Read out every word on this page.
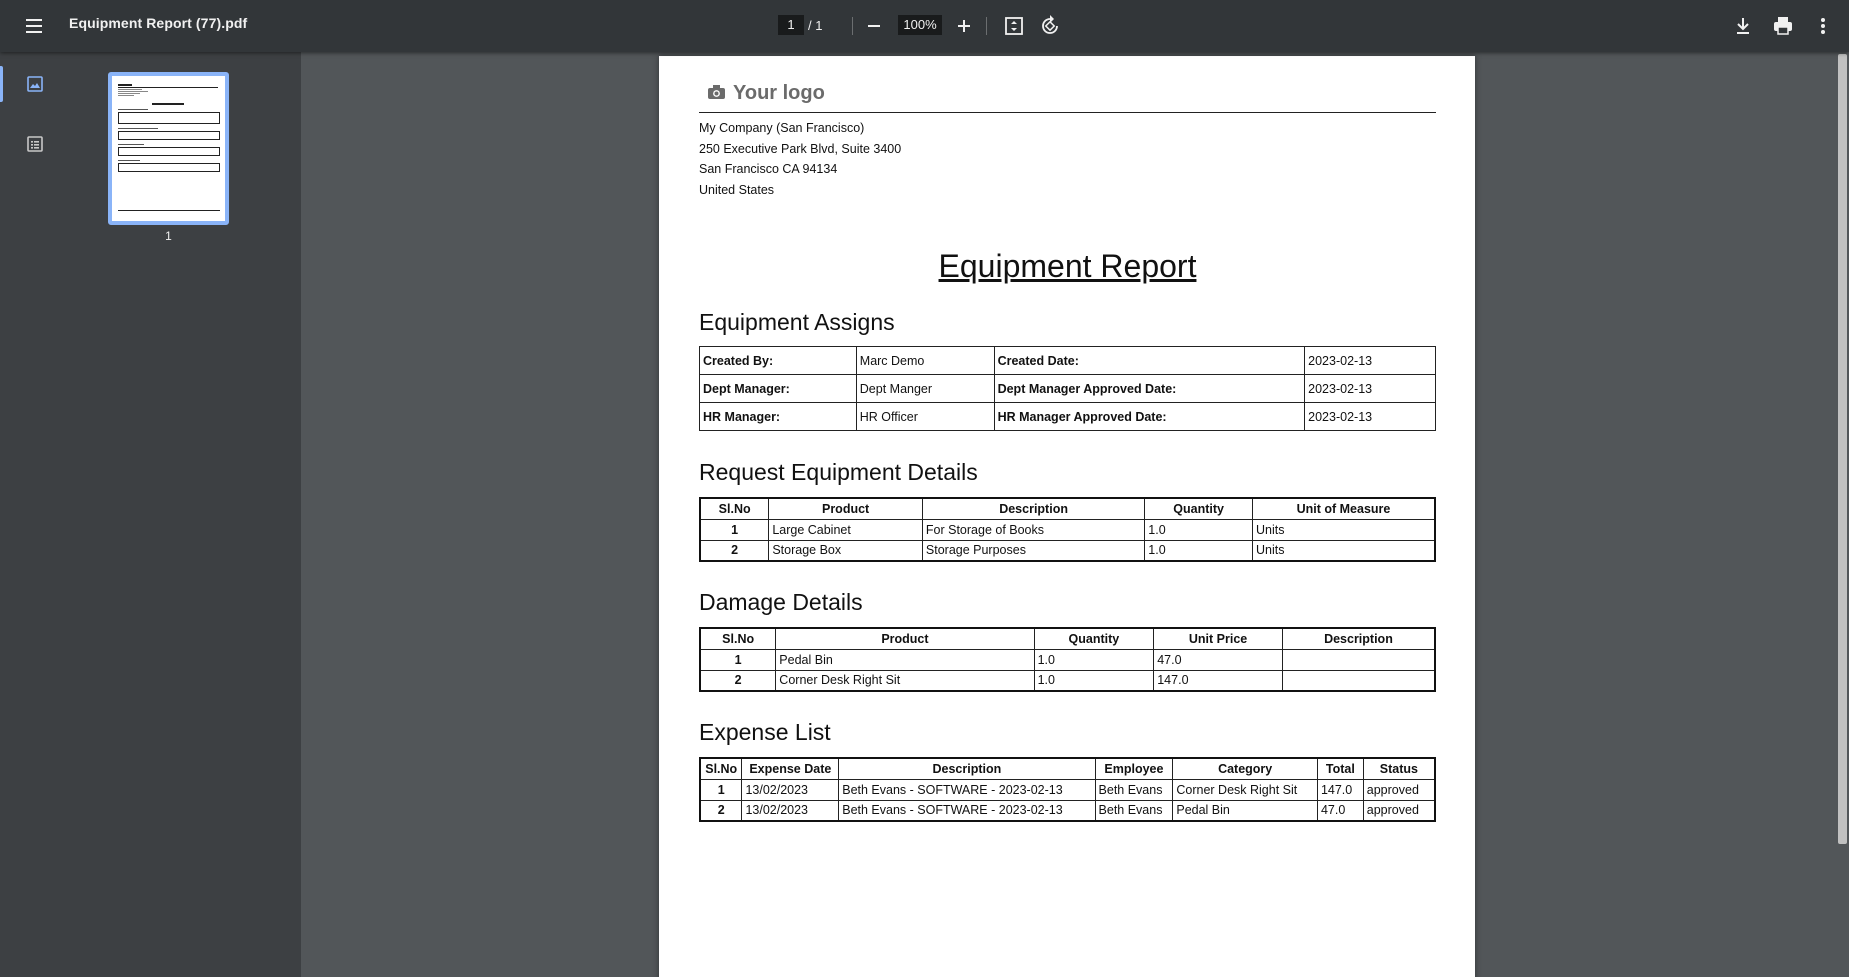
Equipment Report (77).pdf	1	/ 1	100%
1
Your logo
My Company (San Francisco)
250 Executive Park Blvd, Suite 3400
San Francisco CA 94134
United States
Equipment Report
Equipment Assigns
Created By:	Marc Demo	Created Date:	2023-02-13
Dept Manager:	Dept Manger	Dept Manager Approved Date:	2023-02-13
HR Manager:	HR Officer	HR Manager Approved Date:	2023-02-13
Request Equipment Details
Sl.No	Product	Description	Quantity	Unit of Measure
1	Large Cabinet	For Storage of Books	1.0	Units
2	Storage Box	Storage Purposes	1.0	Units
Damage Details
Sl.No	Product	Quantity	Unit Price	Description
1	Pedal Bin	1.0	47.0	
2	Corner Desk Right Sit	1.0	147.0	
Expense List
Sl.No	Expense Date	Description	Employee	Category	Total	Status
1	13/02/2023	Beth Evans - SOFTWARE - 2023-02-13	Beth Evans	Corner Desk Right Sit	147.0	approved
2	13/02/2023	Beth Evans - SOFTWARE - 2023-02-13	Beth Evans	Pedal Bin	47.0	approved
